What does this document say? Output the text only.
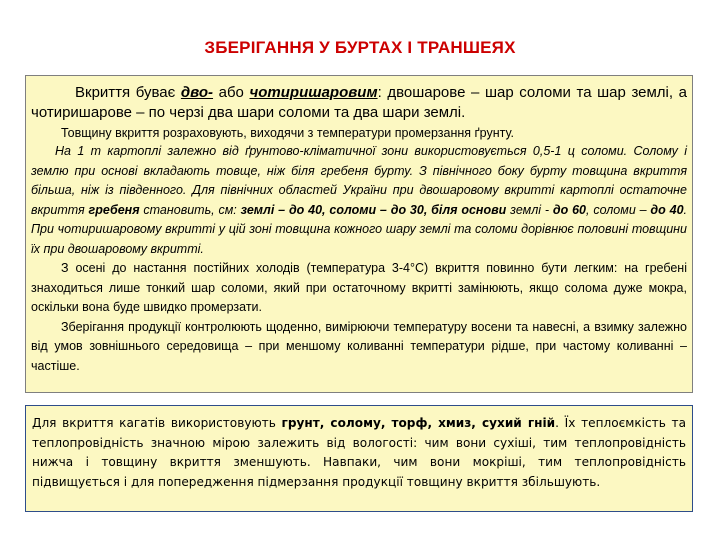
ЗБЕРІГАННЯ У БУРТАХ І ТРАНШЕЯХ

Вкриття буває дво- або чотиришаровим: двошарове – шар соломи та шар землі, а чотиришарове – по черзі два шари соломи та два шари землі.

Товщину вкриття розраховують, виходячи з температури промерзання ґрунту.

На 1 т картоплі залежно від ґрунтово-кліматичної зони використовується 0,5-1 ц соломи. Солому і землю при основі вкладають товще, ніж біля гребеня бурту. З північного боку бурту товщина вкриття більша, ніж із південного. Для північних областей України при двошаровому вкритті картоплі остаточне вкриття гребеня становить, см: землі – до 40, соломи – до 30, біля основи землі - до 60, соломи – до 40. При чотиришаровому вкритті у цій зоні товщина кожного шару землі та соломи дорівнює половині товщини їх при двошаровому вкритті.

З осені до настання постійних холодів (температура 3-4°С) вкриття повинно бути легким: на гребені знаходиться лише тонкий шар соломи, який при остаточному вкритті замінюють, якщо солома дуже мокра, оскільки вона буде швидко промерзати.

Зберігання продукції контролюють щоденно, вимірюючи температуру восени та навесні, а взимку залежно від умов зовнішнього середовища – при меншому коливанні температури рідше, при частому коливанні – частіше.

Для вкриття кагатів використовують грунт, солому, торф, хмиз, сухий гній. Їх теплоємкість та теплопровідність значною мірою залежить від вологості: чим вони сухіші, тим теплопровідність нижча і товщину вкриття зменшують. Навпаки, чим вони мокріші, тим теплопровідність підвищується і для попередження підмерзання продукції товщину вкриття збільшують.
